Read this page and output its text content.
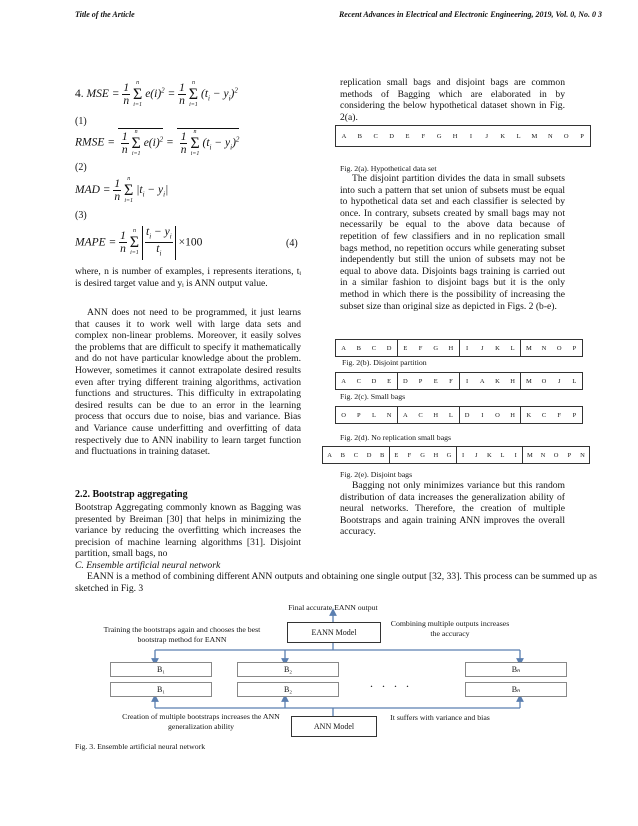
Title of the Article	Recent Advances in Electrical and Electronic Engineering, 2019, Vol. 0, No. 0 3
4. MSE = $\frac{1}{n}$
	n
Σ
i=1
$e(i)^2 = \frac{1}{n}$
	n
Σ
i=1
$(t_i - y_i)^2$
(1)
RMSE = $\frac{1}{n}$
	n
Σ
i=1
$e(i)^2 = \frac{1}{n}$
	n
Σ
i=1
$(t_i - y_i)^2$
(2)
MAD = $\frac{1}{n}$
	n
Σ
i=1
$|t_i - y_i|$
(3)
MAPE = $\frac{1}{n}$
	n
Σ
i=1
$\frac{t_i - y_i}{t_i} \times 100$	(4)
where, n is number of examples, i represents iterations, tᵢ is desired target value and yᵢ is ANN output value.
ANN does not need to be programmed, it just learns that causes it to work well with large data sets and complex non-linear problems. Moreover, it easily solves the problems that are difficult to specify it mathematically and do not have particular knowledge about the problem. However, sometimes it cannot extrapolate desired results even after trying different training algorithms, activation functions and structures. This difficulty in extrapolating desired results can be due to an error in the learning process that occurs due to noise, bias and variance. Bias and Variance cause underfitting and overfitting of data respectively due to ANN inability to learn target function and fluctuations in training dataset.
2.2. Bootstrap aggregating
Bootstrap Aggregating commonly known as Bagging was presented by Breiman [30] that helps in minimizing the variance by reducing the overfitting which increases the precision of machine learning algorithms [31]. Disjoint partition, small bags, no
C. Ensemble artificial neural network
replication small bags and disjoint bags are common methods of Bagging which are elaborated in by considering the below hypothetical dataset shown in Fig. 2(a).
A	B	C	D	E	F	G	H	I	J	K	L	M	N	O	P
Fig. 2(a). Hypothetical data set
The disjoint partition divides the data in small subsets into such a pattern that set union of subsets must be equal to hypothetical data set and each classifier is selected by once. In contrary, subsets created by small bags may not necessarily be equal to the above data because of repetition of few classifiers and in no replication small bags method, no repetition occurs while generating subset independently but still the union of subsets may not be equal to above data. Disjoints bags training is carried out in a similar fashion to disjoint bags but it is the only method in which there is the possibility of increasing the subset size than original size as depicted in Figs. 2 (b-e).
A	B	C	D	E	F	G	H	I	J	K	L	M	N	O	P
Fig. 2(b). Disjoint partition
A	C	D	E	D	P	E	F	I	A	K	H	M	O	J	L
Fig. 2(c). Small bags
O	P	L	N	A	C	H	L	D	I	O	H	K	C	F	P
Fig. 2(d). No replication small bags
A	B	C	D	B	E	F	G	H	G	I	J	K	L	I	M	N	O	P	N
Fig. 2(e). Disjoint bags
Bagging not only minimizes variance but this random distribution of data increases the generalization ability of neural networks. Therefore, the creation of multiple Bootstraps and again training ANN improves the overall accuracy.
EANN is a method of combining different ANN outputs and obtaining one single output [32, 33]. This process can be summed up as sketched in Fig. 3
Final accurate EANN output
EANN Model
Training the bootstraps again and chooses the best bootstrap method for EANN
Combining multiple outputs increases the accuracy
B₁	B₂	Bₙ
B₁	B₂	Bₙ
. . . .
Creation of multiple bootstraps increases the ANN generalization ability	ANN Model
It suffers with variance and bias
Fig. 3. Ensemble artificial neural network
